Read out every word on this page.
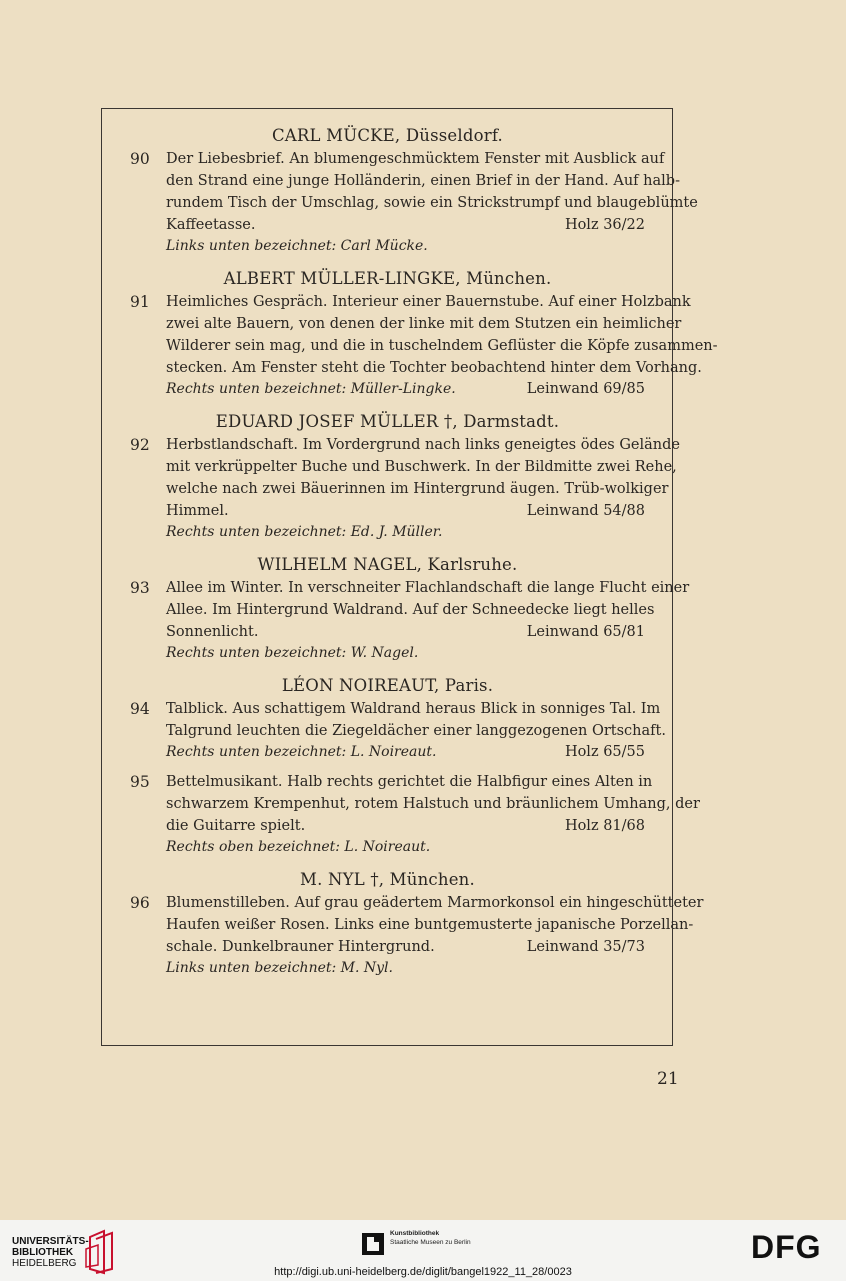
CARL MÜCKE, Düsseldorf.
90 Der Liebesbrief. An blumengeschmücktem Fenster mit Ausblick auf
den Strand eine junge Holländerin, einen Brief in der Hand. Auf halb-
rundem Tisch der Umschlag, sowie ein Strickstrumpf und blaugeblümte
Kaffeetasse.	Holz 36/22
Links unten bezeichnet: Carl Mücke.
ALBERT MÜLLER-LINGKE, München.
91 Heimliches Gespräch. Interieur einer Bauernstube. Auf einer Holzbank
zwei alte Bauern, von denen der linke mit dem Stutzen ein heimlicher
Wilderer sein mag, und die in tuschelndem Geflüster die Köpfe zusammen-
stecken. Am Fenster steht die Tochter beobachtend hinter dem Vorhang.
Rechts unten bezeichnet: Müller-Lingke.	Leinwand 69/85
EDUARD JOSEF MÜLLER †, Darmstadt.
92 Herbstlandschaft. Im Vordergrund nach links geneigtes ödes Gelände
mit verkrüppelter Buche und Buschwerk. In der Bildmitte zwei Rehe,
welche nach zwei Bäuerinnen im Hintergrund äugen. Trüb-wolkiger
Himmel.	Leinwand 54/88
Rechts unten bezeichnet: Ed. J. Müller.
WILHELM NAGEL, Karlsruhe.
93 Allee im Winter. In verschneiter Flachlandschaft die lange Flucht einer
Allee. Im Hintergrund Waldrand. Auf der Schneedecke liegt helles
Sonnenlicht.	Leinwand 65/81
Rechts unten bezeichnet: W. Nagel.
LÉON NOIREAUT, Paris.
94 Talblick. Aus schattigem Waldrand heraus Blick in sonniges Tal. Im
Talgrund leuchten die Ziegeldächer einer langgezogenen Ortschaft.
Rechts unten bezeichnet: L. Noireaut.	Holz 65/55
95 Bettelmusikant. Halb rechts gerichtet die Halbfigur eines Alten in
schwarzem Krempenhut, rotem Halstuch und bräunlichem Umhang, der
die Guitarre spielt.	Holz 81/68
Rechts oben bezeichnet: L. Noireaut.
M. NYL †, München.
96 Blumenstilleben. Auf grau geädertem Marmorkonsol ein hingeschütteter
Haufen weißer Rosen. Links eine buntgemusterte japanische Porzellan-
schale. Dunkelbrauner Hintergrund.	Leinwand 35/73
Links unten bezeichnet: M. Nyl.
21
UNIVERSITÄTS-
BIBLIOTHEK
HEIDELBERG
Kunstbibliothek
Staatliche Museen zu Berlin	DFG
http://digi.ub.uni-heidelberg.de/diglit/bangel1922_11_28/0023
